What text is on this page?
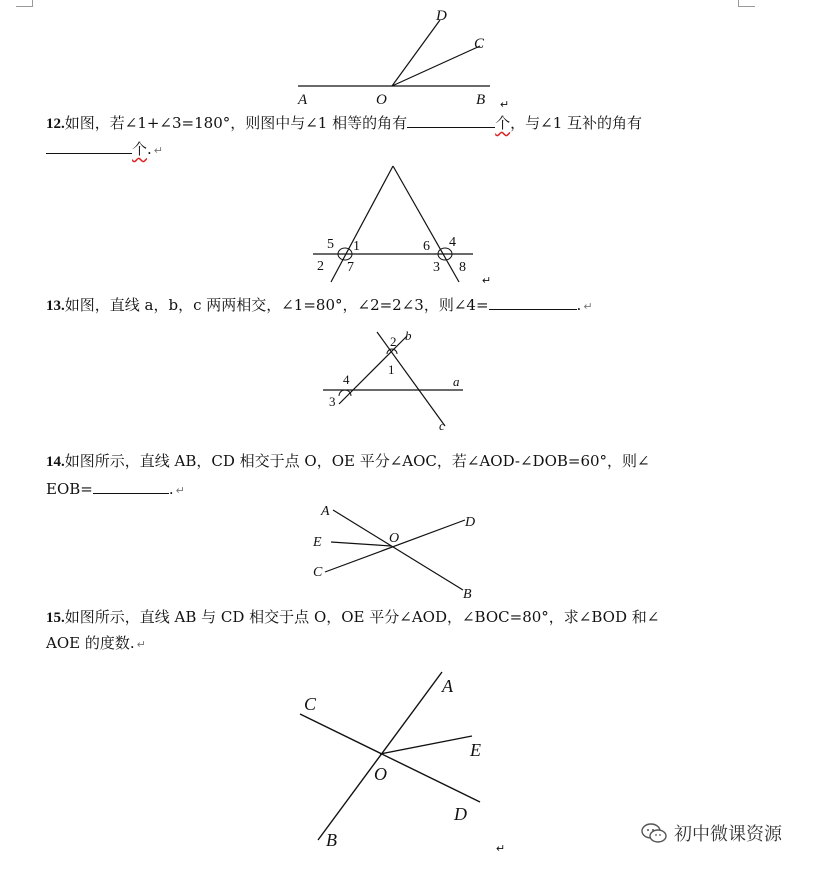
D
C
A	O	B ↵
12.如图，若∠1+∠3=180°，则图中与∠1 相等的角有	个，与∠1 互补的角有
个. ↵
5 1
2 7
6 4
3 8
↵
13.如图，直线 a，b，c 两两相交，∠1=80°，∠2=2∠3，则∠4=	. ↵
b
2
1
4
3
a
c
14.如图所示，直线 AB，CD 相交于点 O，OE 平分∠AOC，若∠AOD-∠DOB=60°，则∠
EOB=	. ↵
A
E
C
O
D
B
15.如图所示，直线 AB 与 CD 相交于点 O，OE 平分∠AOD，∠BOC=80°，求∠BOD 和∠
AOE 的度数. ↵
A
C
E
O
D
B	↵
初中微课资源
